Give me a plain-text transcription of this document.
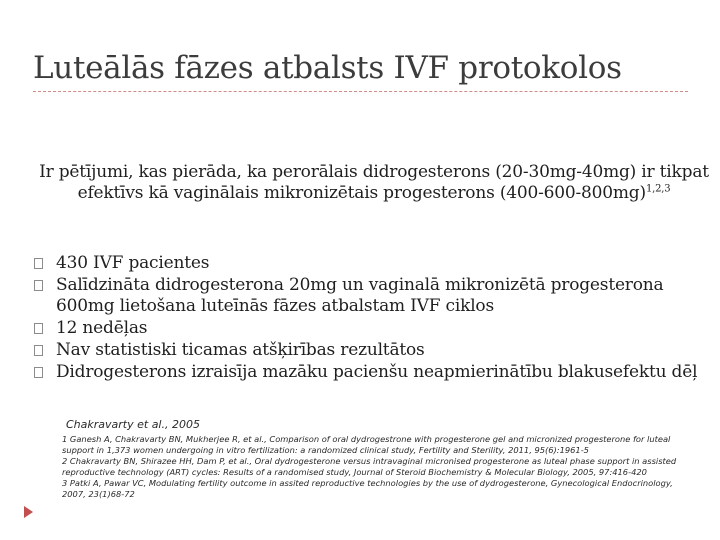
Luteālās fāzes atbalsts IVF protokolos
Ir pētījumi, kas pierāda, ka perorālais didrogesterons (20-30mg-40mg) ir tikpat efektīvs kā vaginālais mikronizētais progesterons $(400-600-800mg)^{1,2,3}$
430 IVF pacientes
Salīdzināta didrogesterona 20mg un vaginalā mikronizētā progesterona 600mg lietošana luteīnās fāzes atbalstam IVF ciklos
12 nedēļas
Nav statistiski ticamas atšķirības rezultātos
Didrogesterons izraisīja mazāku pacienšu neapmierinātību blakusefektu dēļ
Chakravarty et al., 2005
1 Ganesh A, Chakravarty BN, Mukherjee R, et al., Comparison of oral dydrogestrone with progesterone gel and micronized progesterone for luteal support in 1,373 women undergoing in vitro fertilization: a randomized clinical study, Fertility and Sterility, 2011, 95(6):1961-5
2 Chakravarty BN, Shirazee HH, Dam P, et al., Oral dydrogesterone versus intravaginal micronised progesterone as luteal phase support in assisted reproductive technology (ART) cycles: Results of a randomised study, Journal of Steroid Biochemistry & Molecular Biology, 2005, 97:416-420
3 Patki A, Pawar VC, Modulating fertility outcome in assited reproductive technologies by the use of dydrogesterone, Gynecological Endocrinology, 2007, 23(1)68-72
